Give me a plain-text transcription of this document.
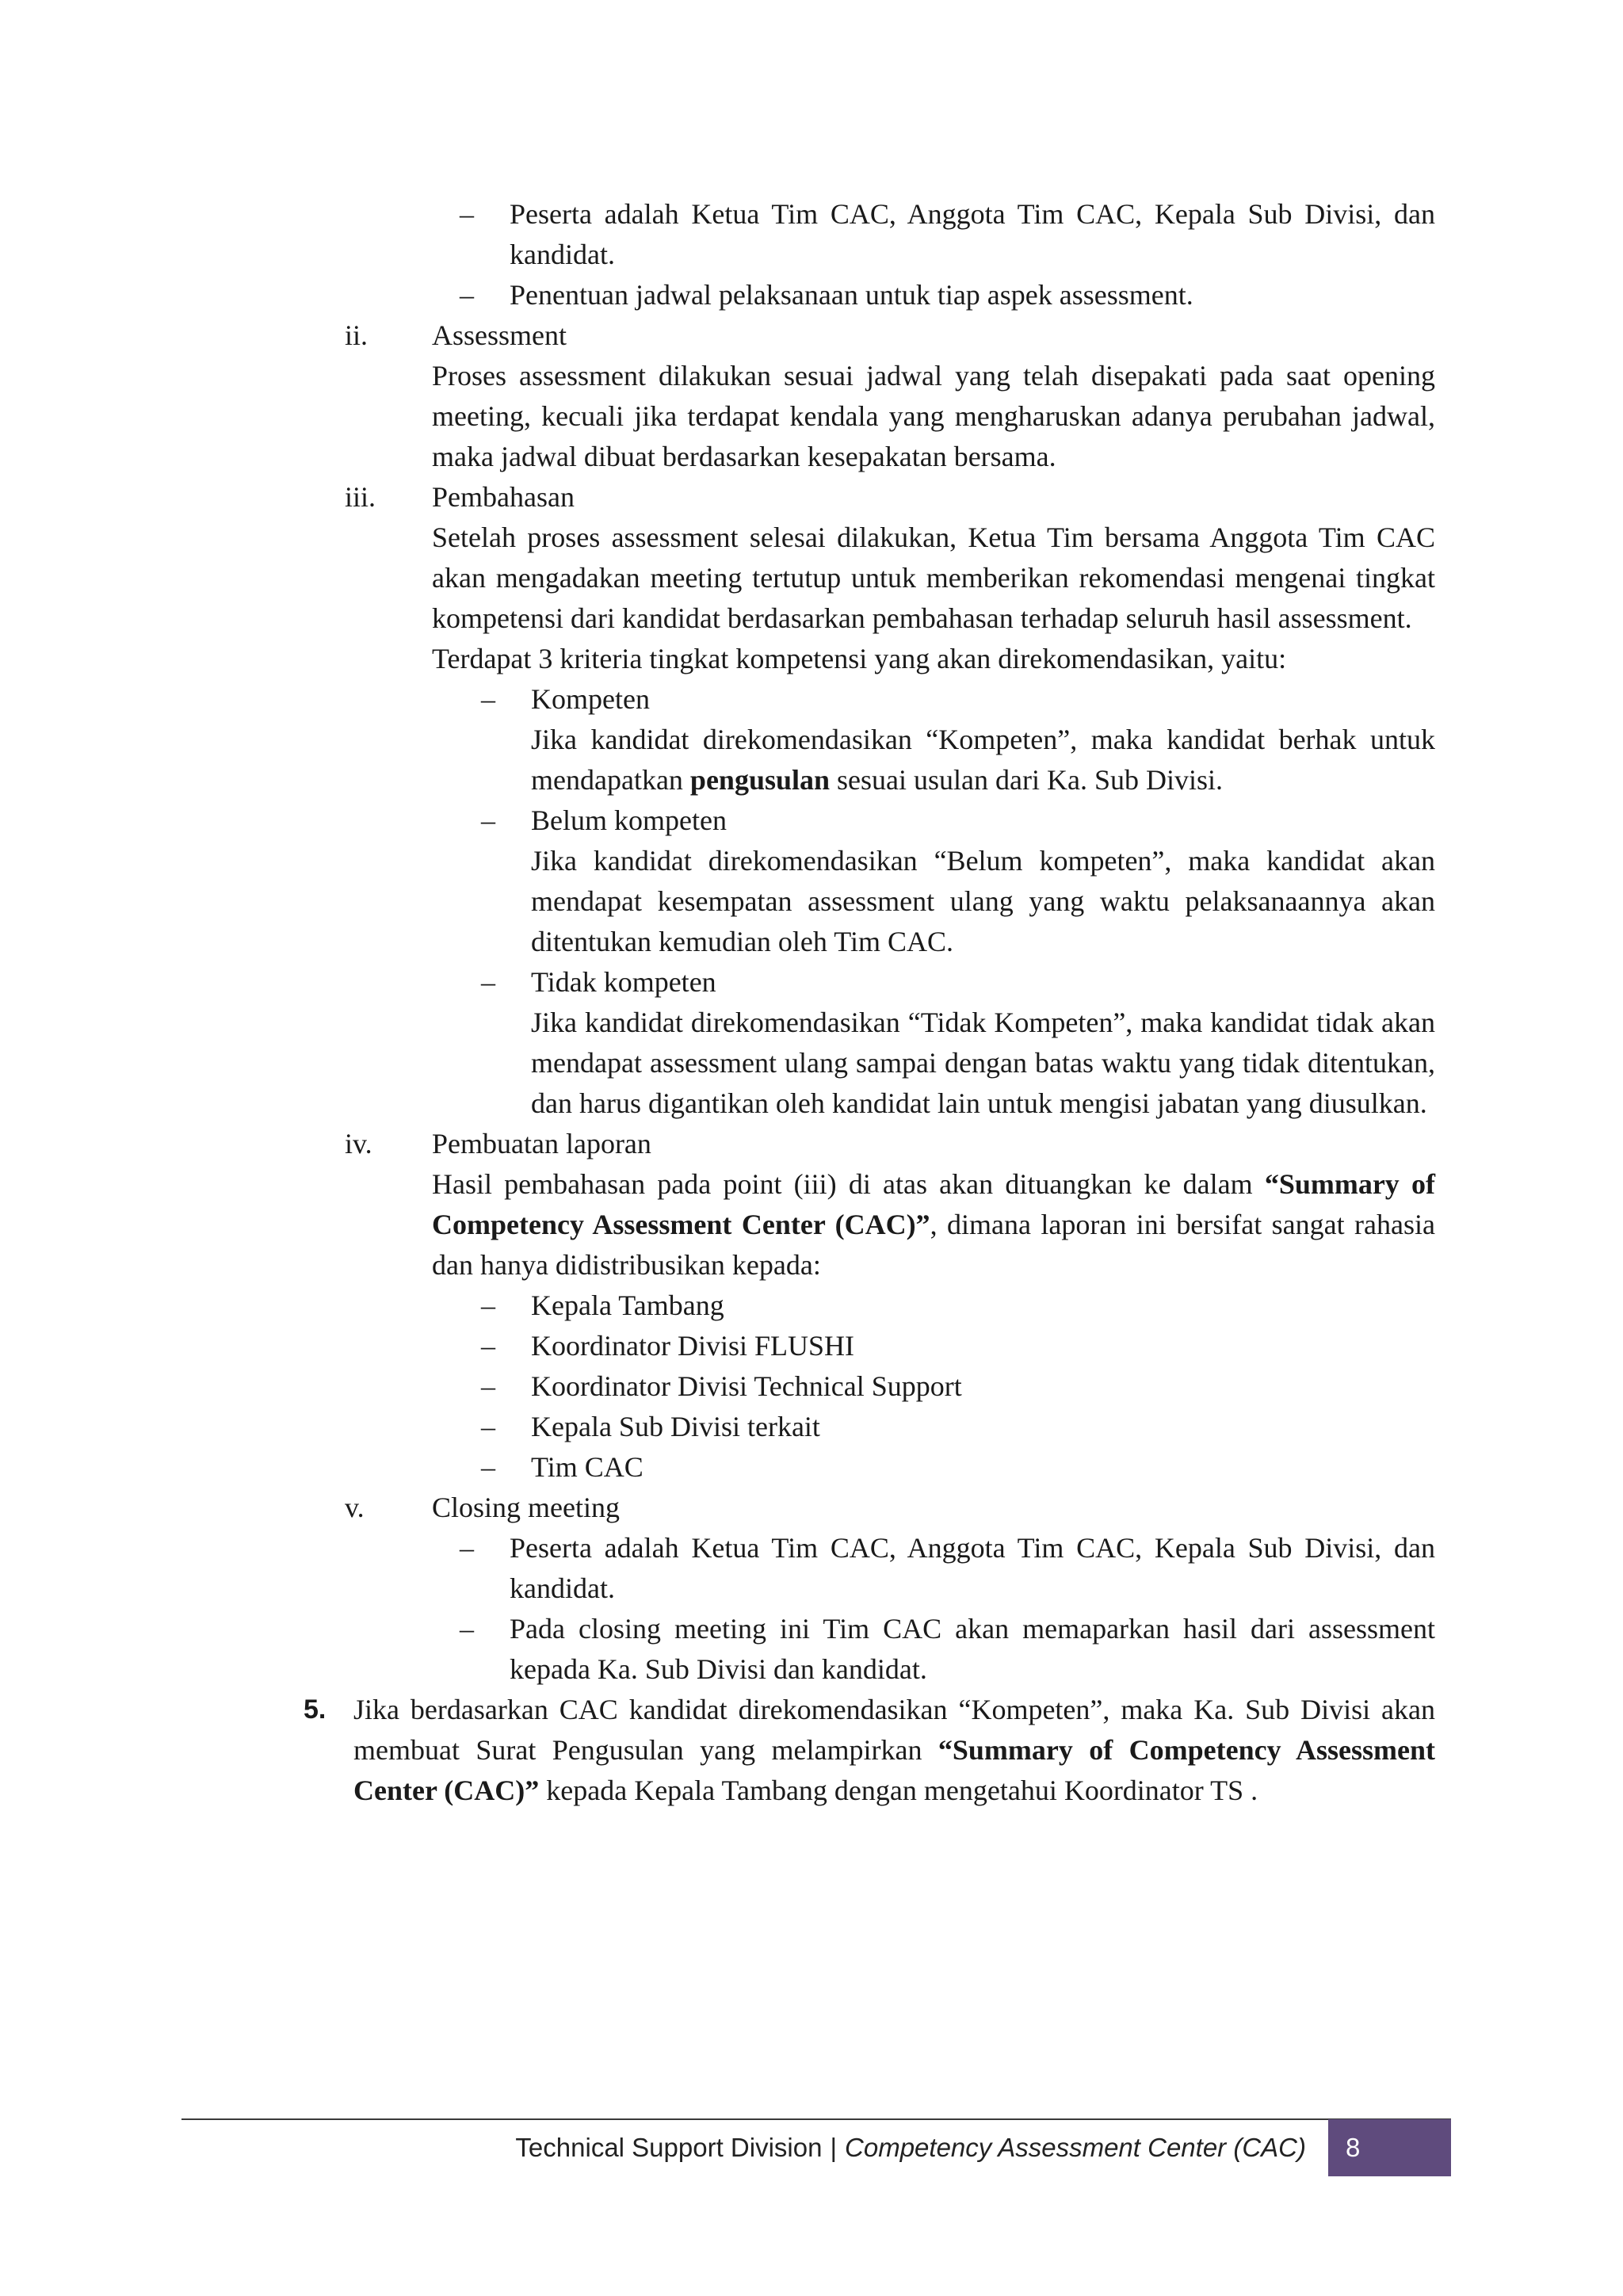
– Peserta adalah Ketua Tim CAC, Anggota Tim CAC, Kepala Sub Divisi, dan kandidat.
– Penentuan jadwal pelaksanaan untuk tiap aspek assessment.
ii.	Assessment
Proses assessment dilakukan sesuai jadwal yang telah disepakati pada saat opening meeting, kecuali jika terdapat kendala yang mengharuskan adanya perubahan jadwal, maka jadwal dibuat berdasarkan kesepakatan bersama.
iii.	Pembahasan
Setelah proses assessment selesai dilakukan, Ketua Tim bersama Anggota Tim CAC akan mengadakan meeting tertutup untuk memberikan rekomendasi mengenai tingkat kompetensi dari kandidat berdasarkan pembahasan terhadap seluruh hasil assessment.
Terdapat 3 kriteria tingkat kompetensi yang akan direkomendasikan, yaitu:
– Kompeten
Jika kandidat direkomendasikan “Kompeten”, maka kandidat berhak untuk mendapatkan pengusulan sesuai usulan dari Ka. Sub Divisi.
– Belum kompeten
Jika kandidat direkomendasikan “Belum kompeten”, maka kandidat akan mendapat kesempatan assessment ulang yang waktu pelaksanaannya akan ditentukan kemudian oleh Tim CAC.
– Tidak kompeten
Jika kandidat direkomendasikan “Tidak Kompeten”, maka kandidat tidak akan mendapat assessment ulang sampai dengan batas waktu yang tidak ditentukan, dan harus digantikan oleh kandidat lain untuk mengisi jabatan yang diusulkan.
iv.	Pembuatan laporan
Hasil pembahasan pada point (iii) di atas akan dituangkan ke dalam “Summary of Competency Assessment Center (CAC)”, dimana laporan ini bersifat sangat rahasia dan hanya didistribusikan kepada:
– Kepala Tambang
– Koordinator Divisi FLUSHI
– Koordinator Divisi Technical Support
– Kepala Sub Divisi terkait
– Tim CAC
v.	Closing meeting
– Peserta adalah Ketua Tim CAC, Anggota Tim CAC, Kepala Sub Divisi, dan kandidat.
– Pada closing meeting ini Tim CAC akan memaparkan hasil dari assessment kepada Ka. Sub Divisi dan kandidat.
5. Jika berdasarkan CAC kandidat direkomendasikan “Kompeten”, maka Ka. Sub Divisi akan membuat Surat Pengusulan yang melampirkan “Summary of Competency Assessment Center (CAC)” kepada Kepala Tambang dengan mengetahui Koordinator TS .
Technical Support Division | Competency Assessment Center (CAC) 8
